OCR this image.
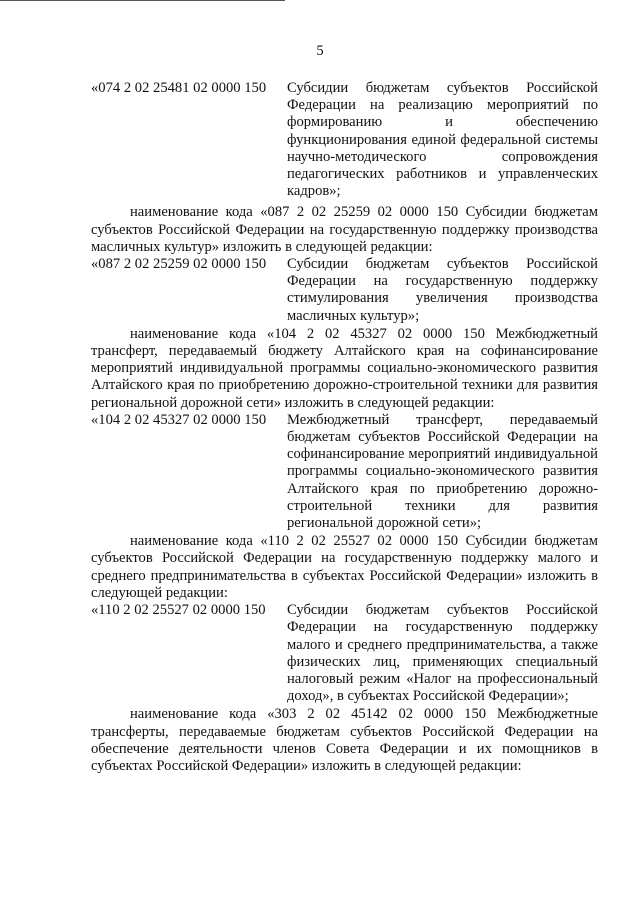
5
«074 2 02 25481 02 0000 150	Субсидии бюджетам субъектов Российской Федерации на реализацию мероприятий по формированию и обеспечению функционирования единой федеральной системы научно-методического сопровождения педагогических работников и управленческих кадров»;
наименование кода «087 2 02 25259 02 0000 150 Субсидии бюджетам субъектов Российской Федерации на государственную поддержку производства масличных культур» изложить в следующей редакции:
«087 2 02 25259 02 0000 150	Субсидии бюджетам субъектов Российской Федерации на государственную поддержку стимулирования увеличения производства масличных культур»;
наименование кода «104 2 02 45327 02 0000 150 Межбюджетный трансферт, передаваемый бюджету Алтайского края на софинансирование мероприятий индивидуальной программы социально-экономического развития Алтайского края по приобретению дорожно-строительной техники для развития региональной дорожной сети» изложить в следующей редакции:
«104 2 02 45327 02 0000 150	Межбюджетный трансферт, передаваемый бюджетам субъектов Российской Федерации на софинансирование мероприятий индивидуальной программы социально-экономического развития Алтайского края по приобретению дорожно-строительной техники для развития региональной дорожной сети»;
наименование кода «110 2 02 25527 02 0000 150 Субсидии бюджетам субъектов Российской Федерации на государственную поддержку малого и среднего предпринимательства в субъектах Российской Федерации» изложить в следующей редакции:
«110 2 02 25527 02 0000 150	Субсидии бюджетам субъектов Российской Федерации на государственную поддержку малого и среднего предпринимательства, а также физических лиц, применяющих специальный налоговый режим «Налог на профессиональный доход», в субъектах Российской Федерации»;
наименование кода «303 2 02 45142 02 0000 150 Межбюджетные трансферты, передаваемые бюджетам субъектов Российской Федерации на обеспечение деятельности членов Совета Федерации и их помощников в субъектах Российской Федерации» изложить в следующей редакции:
